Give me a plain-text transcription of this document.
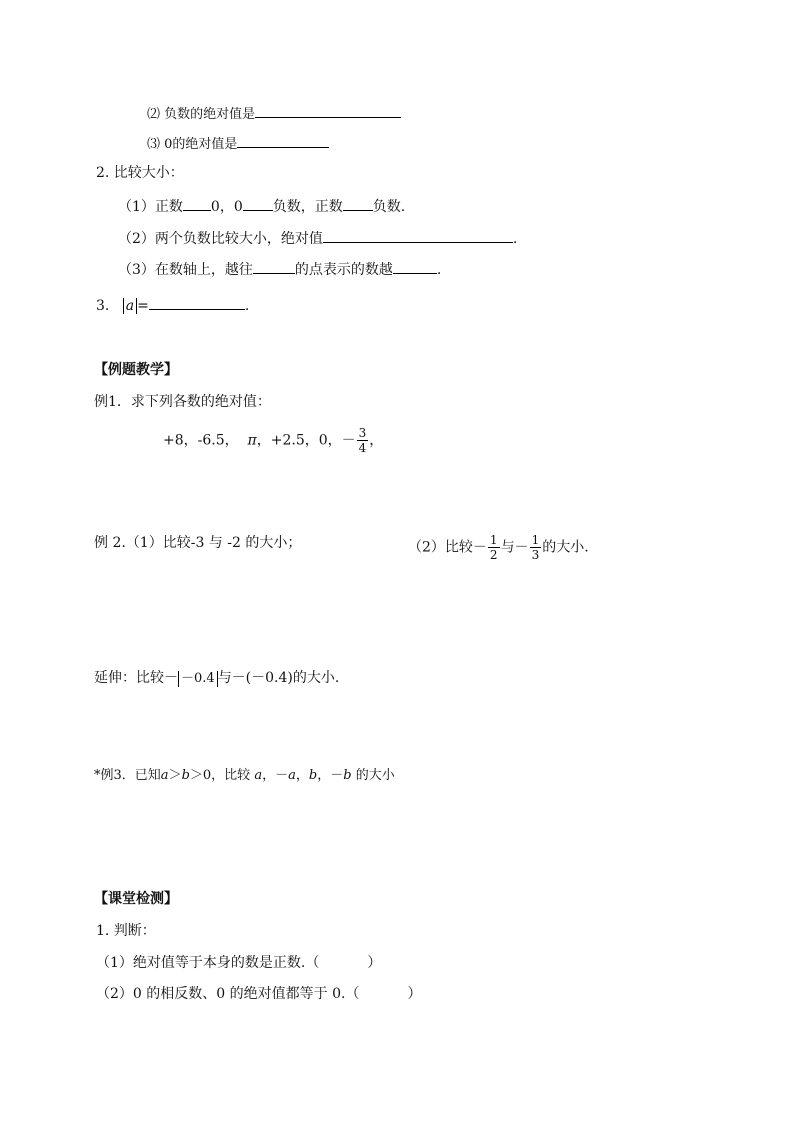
⑵ 负数的绝对值是
⑶ 0的绝对值是
2. 比较大小：
（1）正数 0，0 负数，正数 负数.
（2）两个负数比较大小，绝对值	.
（3）在数轴上，越往	的点表示的数越	.
3. a =	.
【例题教学】
例1．求下列各数的绝对值：
+8，-6.5， π，+2.5，0，－ $\frac{3}{4}$ ，
例 2.（1）比较-3 与 -2 的大小；	（2）比较－ $\frac{1}{2}$ 与－ $\frac{1}{3}$ 的大小.
延伸：比较－ －0.4 与－(－0.4)的大小.
*例3．已知a＞b＞0，比较 a，－a，b，－b 的大小
【课堂检测】
1. 判断：
（1）绝对值等于本身的数是正数.（	）
（2）0 的相反数、0 的绝对值都等于 0.（	）
